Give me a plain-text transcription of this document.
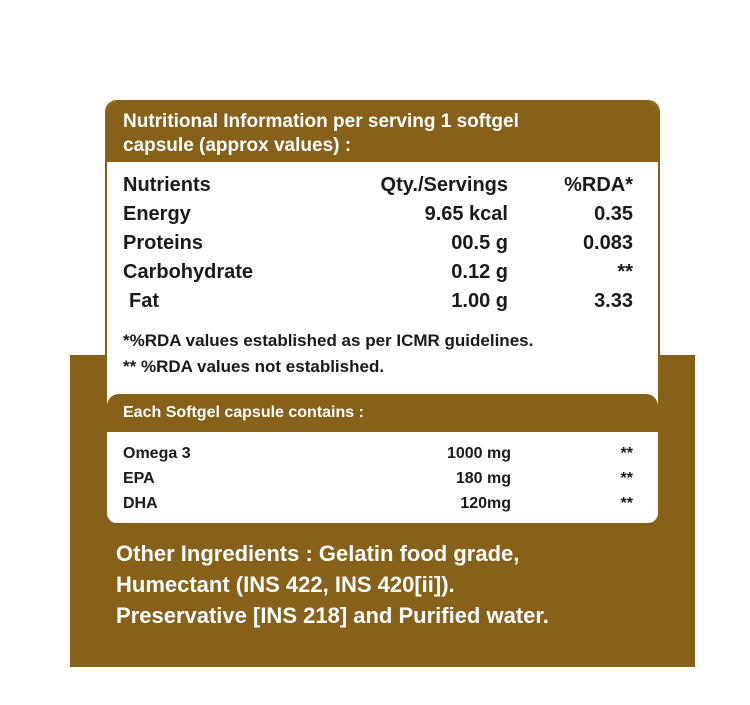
Nutritional Information per serving 1 softgel
capsule (approx values) :
Nutrients	Qty./Servings	%RDA*
Energy	9.65 kcal	0.35
Proteins	00.5 g	0.083
Carbohydrate	0.12 g	**
Fat	1.00 g	3.33
*%RDA values established as per ICMR guidelines.
** %RDA values not established.
Each Softgel capsule contains :
Omega 3	1000 mg	**
EPA	180 mg	**
DHA	120mg	**
Other Ingredients : Gelatin food grade,
Humectant (INS 422, INS 420[ii]).
Preservative [INS 218] and Purified water.
